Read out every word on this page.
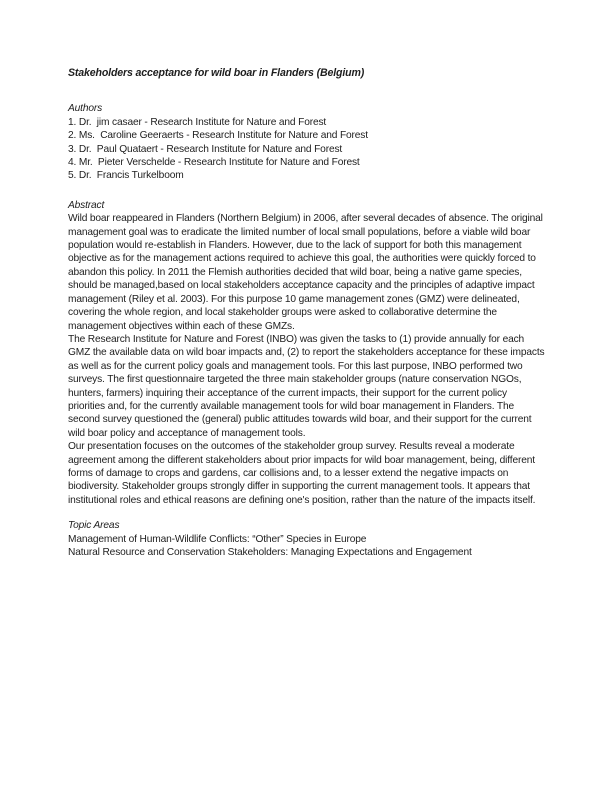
Stakeholders acceptance for wild boar in Flanders (Belgium)
Authors
1. Dr.  jim casaer - Research Institute for Nature and Forest
2. Ms.  Caroline Geeraerts - Research Institute for Nature and Forest
3. Dr.  Paul Quataert - Research Institute for Nature and Forest
4. Mr.  Pieter Verschelde - Research Institute for Nature and Forest
5. Dr.  Francis Turkelboom
Abstract

Wild boar reappeared in Flanders (Northern Belgium) in 2006, after several decades of absence. The original management goal was to eradicate the limited number of local small populations, before a viable wild boar population would re-establish in Flanders. However, due to the lack of support for both this management objective as for the management actions required to achieve this goal, the authorities were quickly forced to abandon this policy. In 2011 the Flemish authorities decided that wild boar, being a native game species, should be managed,based on local stakeholders acceptance capacity and the principles of adaptive impact management (Riley et al. 2003). For this purpose 10 game management zones (GMZ) were delineated, covering the whole region, and local stakeholder groups were asked to collaborative determine the management objectives within each of these GMZs.

The Research Institute for Nature and Forest (INBO) was given the tasks to (1) provide annually for each GMZ the available data on wild boar impacts and, (2) to report the stakeholders acceptance for these impacts as well as for the current policy goals and management tools. For this last purpose, INBO performed two surveys. The first questionnaire targeted the three main stakeholder groups (nature conservation NGOs, hunters, farmers) inquiring their acceptance of the current impacts, their support for the current policy priorities and, for the currently available management tools for wild boar management in Flanders. The second survey questioned the (general) public attitudes towards wild boar, and their support for the current wild boar policy and acceptance of management tools.

Our presentation focuses on the outcomes of the stakeholder group survey. Results reveal a moderate agreement among the different stakeholders about prior impacts for wild boar management, being, different forms of damage to crops and gardens, car collisions and, to a lesser extend the negative impacts on biodiversity. Stakeholder groups strongly differ in supporting the current management tools. It appears that institutional roles and ethical reasons are defining one's position, rather than the nature of the impacts itself.

Topic Areas
Management of Human-Wildlife Conflicts: “Other” Species in Europe
Natural Resource and Conservation Stakeholders: Managing Expectations and Engagement
